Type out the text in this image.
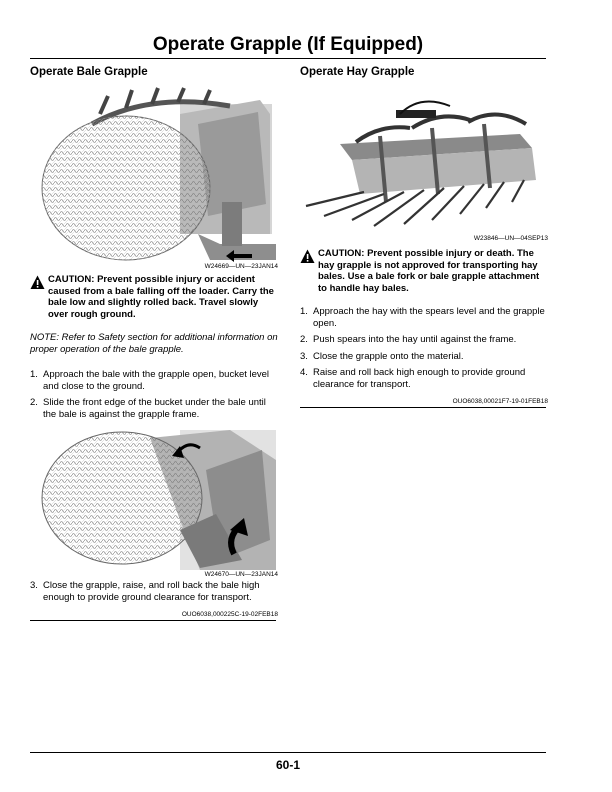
Operate Grapple (If Equipped)
Operate Bale Grapple
W24669—UN—23JAN14
CAUTION: Prevent possible injury or accident caused from a bale falling off the loader. Carry the bale low and slightly rolled back. Travel slowly over rough ground.

NOTE: Refer to Safety section for additional information on proper operation of the bale grapple.

1. Approach the bale with the grapple open, bucket level and close to the ground.
2. Slide the front edge of the bucket under the bale until the bale is against the grapple frame.
W24670—UN—23JAN14
3. Close the grapple, raise, and roll back the bale high enough to provide ground clearance for transport.
OUO6038,000225C-19-02FEB18
Operate Hay Grapple
W23846—UN—04SEP13
CAUTION: Prevent possible injury or death. The hay grapple is not approved for transporting hay bales. Use a bale fork or bale grapple attachment to handle hay bales.
1. Approach the hay with the spears level and the grapple open.
2. Push spears into the hay until against the frame.
3. Close the grapple onto the material.
4. Raise and roll back high enough to provide ground clearance for transport.
OUO6038,00021F7-19-01FEB18

60-1
